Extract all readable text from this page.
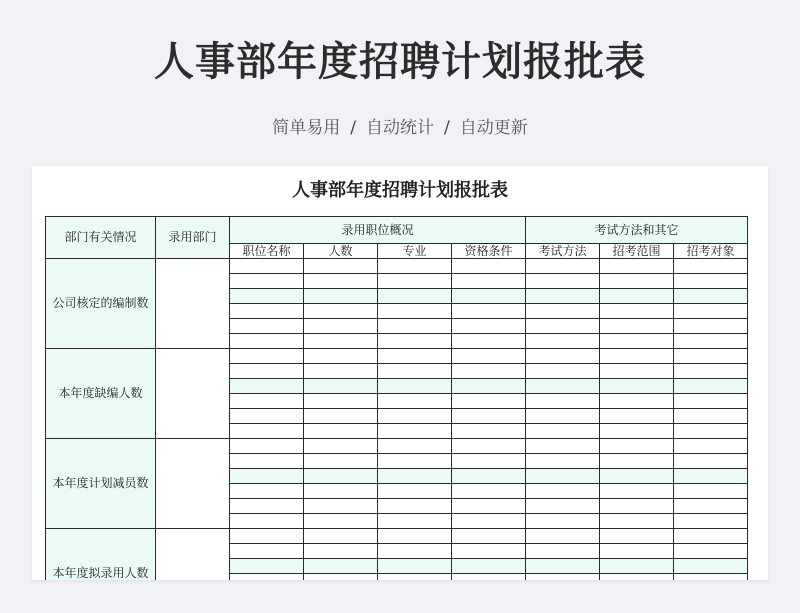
人事部年度招聘计划报批表
简单易用 / 自动统计 / 自动更新
人事部年度招聘计划报批表
部门有关情况	录用部门	录用职位概况				考试方法和其它		
		职位名称	人数	专业	资格条件	考试方法	招考范围	招考对象
公司核定的编制数								

本年度缺编人数								

本年度计划减员数								

本年度拟录用人数								
